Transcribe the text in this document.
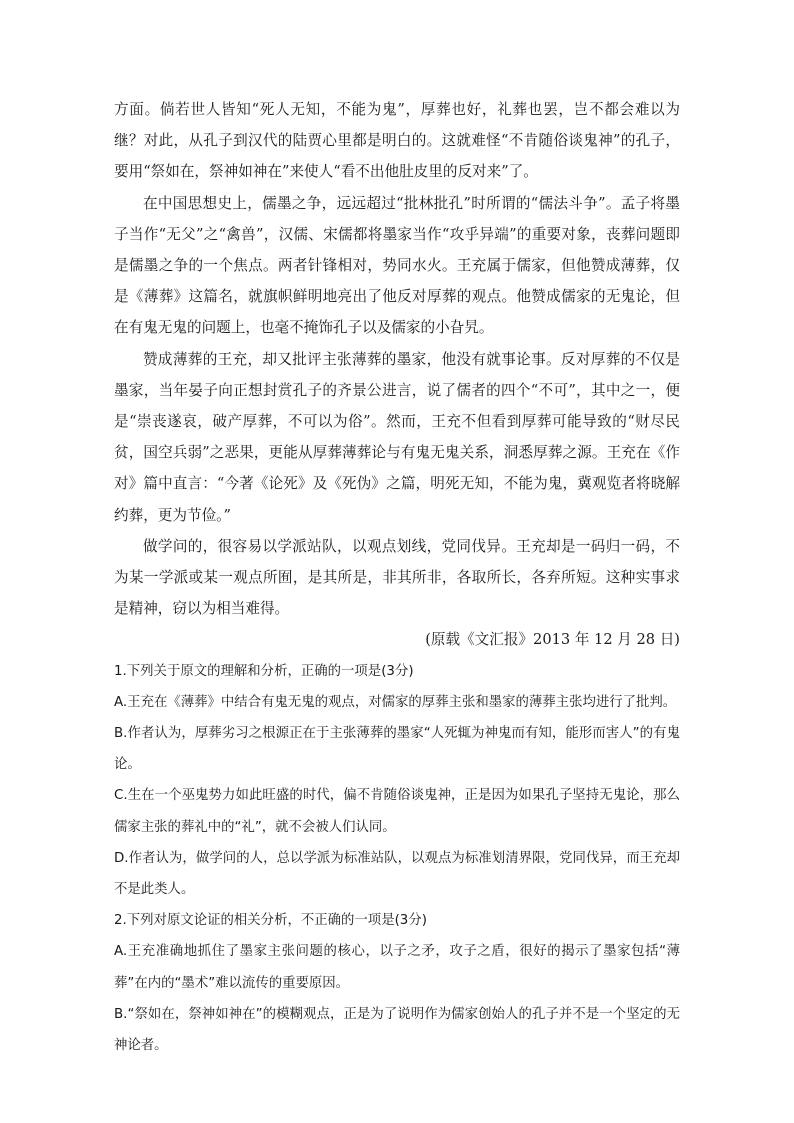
方面。倘若世人皆知“死人无知，不能为鬼”，厚葬也好，礼葬也罢，岂不都会难以为继？对此，从孔子到汉代的陆贾心里都是明白的。这就难怪“不肯随俗谈鬼神”的孔子，要用“祭如在，祭神如神在”来使人“看不出他肚皮里的反对来”了。

在中国思想史上，儒墨之争，远远超过“批林批孔”时所谓的“儒法斗争”。孟子将墨子当作“无父”之“禽兽”，汉儒、宋儒都将墨家当作“攻乎异端”的重要对象，丧葬问题即是儒墨之争的一个焦点。两者针锋相对，势同水火。王充属于儒家，但他赞成薄葬，仅是《薄葬》这篇名，就旗帜鲜明地亮出了他反对厚葬的观点。他赞成儒家的无鬼论，但在有鬼无鬼的问题上，也毫不掩饰孔子以及儒家的小旮旯。

赞成薄葬的王充，却又批评主张薄葬的墨家，他没有就事论事。反对厚葬的不仅是墨家，当年晏子向正想封赏孔子的齐景公进言，说了儒者的四个“不可”，其中之一，便是“崇丧遂哀，破产厚葬，不可以为俗”。然而，王充不但看到厚葬可能导致的“财尽民贫，国空兵弱”之恶果，更能从厚葬薄葬论与有鬼无鬼关系，洞悉厚葬之源。王充在《作对》篇中直言：“今著《论死》及《死伪》之篇，明死无知，不能为鬼，冀观览者将晓解约葬，更为节俭。”

做学问的，很容易以学派站队，以观点划线，党同伐异。王充却是一码归一码，不为某一学派或某一观点所囿，是其所是，非其所非，各取所长，各弃所短。这种实事求是精神，窃以为相当难得。

(原载《文汇报》2013 年 12 月 28 日)

1.下列关于原文的理解和分析，正确的一项是(3分)

A.王充在《薄葬》中结合有鬼无鬼的观点，对儒家的厚葬主张和墨家的薄葬主张均进行了批判。

B.作者认为，厚葬劣习之根源正在于主张薄葬的墨家“人死辄为神鬼而有知，能形而害人”的有鬼论。

C.生在一个巫鬼势力如此旺盛的时代，偏不肯随俗谈鬼神，正是因为如果孔子坚持无鬼论，那么儒家主张的葬礼中的“礼”，就不会被人们认同。

D.作者认为，做学问的人，总以学派为标准站队，以观点为标准划清界限，党同伐异，而王充却不是此类人。

2.下列对原文论证的相关分析，不正确的一项是(3分)

A.王充准确地抓住了墨家主张问题的核心，以子之矛，攻子之盾，很好的揭示了墨家包括“薄葬”在内的“墨术”难以流传的重要原因。

B.“祭如在，祭神如神在”的模糊观点，正是为了说明作为儒家创始人的孔子并不是一个坚定的无神论者。
